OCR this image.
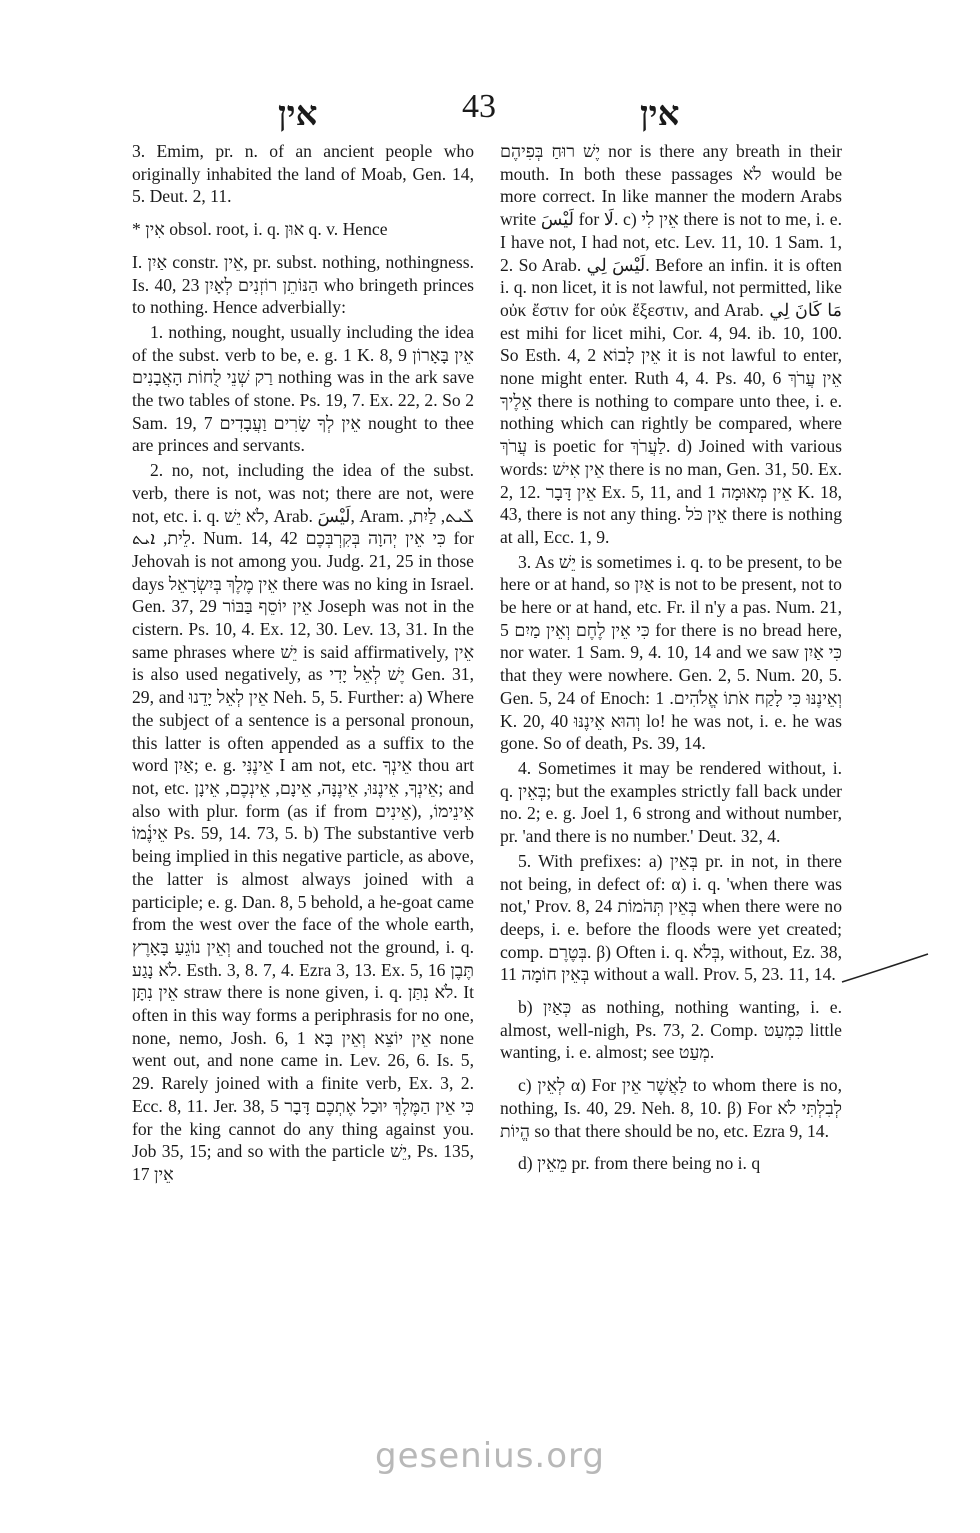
אין	43	אין

3. Emim, pr. n. of an ancient people who originally inhabited the land of Moab, Gen. 14, 5. Deut. 2, 11.

* אִין obsol. root, i. q. אוּן q. v. Hence

I. אַיִן constr. אֵין, pr. subst. nothing, nothingness. Is. 40, 23 הַנּוֹתֵן רוֹזְנִים לְאָיִן who bringeth princes to nothing. Hence adverbially:

1. nothing, nought, usually including the idea of the subst. verb to be, e. g. 1 K. 8, 9 אֵין בָּאָרוֹן רַק שְׁנֵי לֻחוֹת הָאֲבָנִים nothing was in the ark save the two tables of stone. Ps. 19, 7. Ex. 22, 2. So 2 Sam. 19, 7 אֵין לְךָ שָׂרִים וַעֲבָדִים nought to thee are princes and servants.

2. no, not, including the idea of the subst. verb, there is not, was not; there are not, were not, etc. i. q. לֹא יֵשׁ, Arab. لَيْسَ, Aram. ܠܰܝܬ, לַיִת, לֵית, ܐܝܬ. Num. 14, 42 כִּי אֵין יְהוָה בְּקִרְבְּכֶם for Jehovah is not among you. Judg. 21, 25 in those days אֵין מֶלֶךְ בְּיִשְׂרָאֵל there was no king in Israel. Gen. 37, 29 אֵין יוֹסֵף בַּבּוֹר Joseph was not in the cistern. Ps. 10, 4. Ex. 12, 30. Lev. 13, 31. In the same phrases where יֵשׁ is said affirmatively, אֵין is also used negatively, as יֶשׁ לְאֵל יָדִי Gen. 31, 29, and אֵין לְאֵל יָדֵנוּ Neh. 5, 5. Further: a) Where the subject of a sentence is a personal pronoun, this latter is often appended as a suffix to the word אַיִן; e. g. אֵינֶנִּי I am not, etc. אֵינְךָ thou art not, etc. אֵינְךָ, אֵינֶנּוּ, אֵינֶנָּה, אֵינָם, אֵינְכֶם, אֵינָן; and also with plur. form (as if from אֵינִים), אֵינֵימוֹ, אֵינֶ֫מוֹ Ps. 59, 14. 73, 5. b) The substantive verb being implied in this negative particle, as above, the latter is almost always joined with a participle; e. g. Dan. 8, 5 behold, a he-goat came from the west over the face of the whole earth, וְאֵין נוֹגֵעַ בָּאָרֶץ and touched not the ground, i. q. לֹא נָגַע. Esth. 3, 8. 7, 4. Ezra 3, 13. Ex. 5, 16 תֶּבֶן אֵין נִתָּן straw there is none given, i. q. לֹא נִתַּן. It often in this way forms a periphrasis for no one, none, nemo, Josh. 6, 1 אֵין יוֹצֵא וְאֵין בָּא none went out, and none came in. Lev. 26, 6. Is. 5, 29. Rarely joined with a finite verb, Ex. 3, 2. Ecc. 8, 11. Jer. 38, 5 כִּי אֵין הַמֶּלֶךְ יוּכַל אֶתְכֶם דָּבָר for the king cannot do any thing against you. Job 35, 15; and so with the particle יֵשׁ, Ps. 135, 17 אֵין

יֶשׁ רוּחַ בְּפִיהֶם nor is there any breath in their mouth. In both these passages לֹא would be more correct. In like manner the modern Arabs write لَيْسَ for لَا. c) אֵין לִי there is not to me, i. e. I have not, I had not, etc. Lev. 11, 10. 1 Sam. 1, 2. So Arab. لَيْسَ لِي. Before an infin. it is often i. q. non licet, it is not lawful, not permitted, like οὐκ ἔστιν for οὐκ ἔξεστιν, and Arab. مَا كَانَ لِي est mihi for licet mihi, Cor. 4, 94. ib. 10, 100. So Esth. 4, 2 אֵין לָבוֹא it is not lawful to enter, none might enter. Ruth 4, 4. Ps. 40, 6 אֵין עֲרֹךְ אֵלֶיךָ there is nothing to compare unto thee, i. e. nothing which can rightly be compared, where עֲרֹךְ is poetic for לַעֲרֹךְ. d) Joined with various words: אֵין אִישׁ there is no man, Gen. 31, 50. Ex. 2, 12. אֵין דָּבָר Ex. 5, 11, and אֵין מְאוּמָה 1 K. 18, 43, there is not any thing. אֵין כֹּל there is nothing at all, Ecc. 1, 9.

3. As יֵשׁ is sometimes i. q. to be present, to be here or at hand, so אַיִן is not to be present, not to be here or at hand, etc. Fr. il n'y a pas. Num. 21, 5 כִּי אֵין לֶחֶם וְאֵין מַיִם for there is no bread here, nor water. 1 Sam. 9, 4. 10, 14 and we saw כִּי אַיִן that they were nowhere. Gen. 2, 5. Num. 20, 5. Gen. 5, 24 of Enoch: וְאֵינֶנּוּ כִּי לָקַח אֹתוֹ אֱלֹהִים. 1 K. 20, 40 וְהוּא אֵינֶנּוּ lo! he was not, i. e. he was gone. So of death, Ps. 39, 14.

4. Sometimes it may be rendered without, i. q. בְּאֵין; but the examples strictly fall back under no. 2; e. g. Joel 1, 6 strong and without number, pr. 'and there is no number.' Deut. 32, 4.

5. With prefixes: a) בְּאֵין pr. in not, in there not being, in defect of: α) i. q. 'when there was not,' Prov. 8, 24 בְּאֵין תְּהֹמוֹת when there were no deeps, i. e. before the floods were yet created; comp. בְּטֶרֶם. β) Often i. q. בְּלֹא, without, Ez. 38, 11 בְּאֵין חוֹמָה without a wall. Prov. 5, 23. 11, 14.

b) כְּאַיִן as nothing, nothing wanting, i. e. almost, well-nigh, Ps. 73, 2. Comp. כִּמְעַט little wanting, i. e. almost; see מְעַט.

c) לְאֵין α) For לַאֲשֶׁר אֵין to whom there is no, nothing, Is. 40, 29. Neh. 8, 10. β) For לְבִלְתִּי לֹא הֱיוֹת so that there should be no, etc. Ezra 9, 14.

d) מֵאֵין pr. from there being no i. q

gesenius.org
